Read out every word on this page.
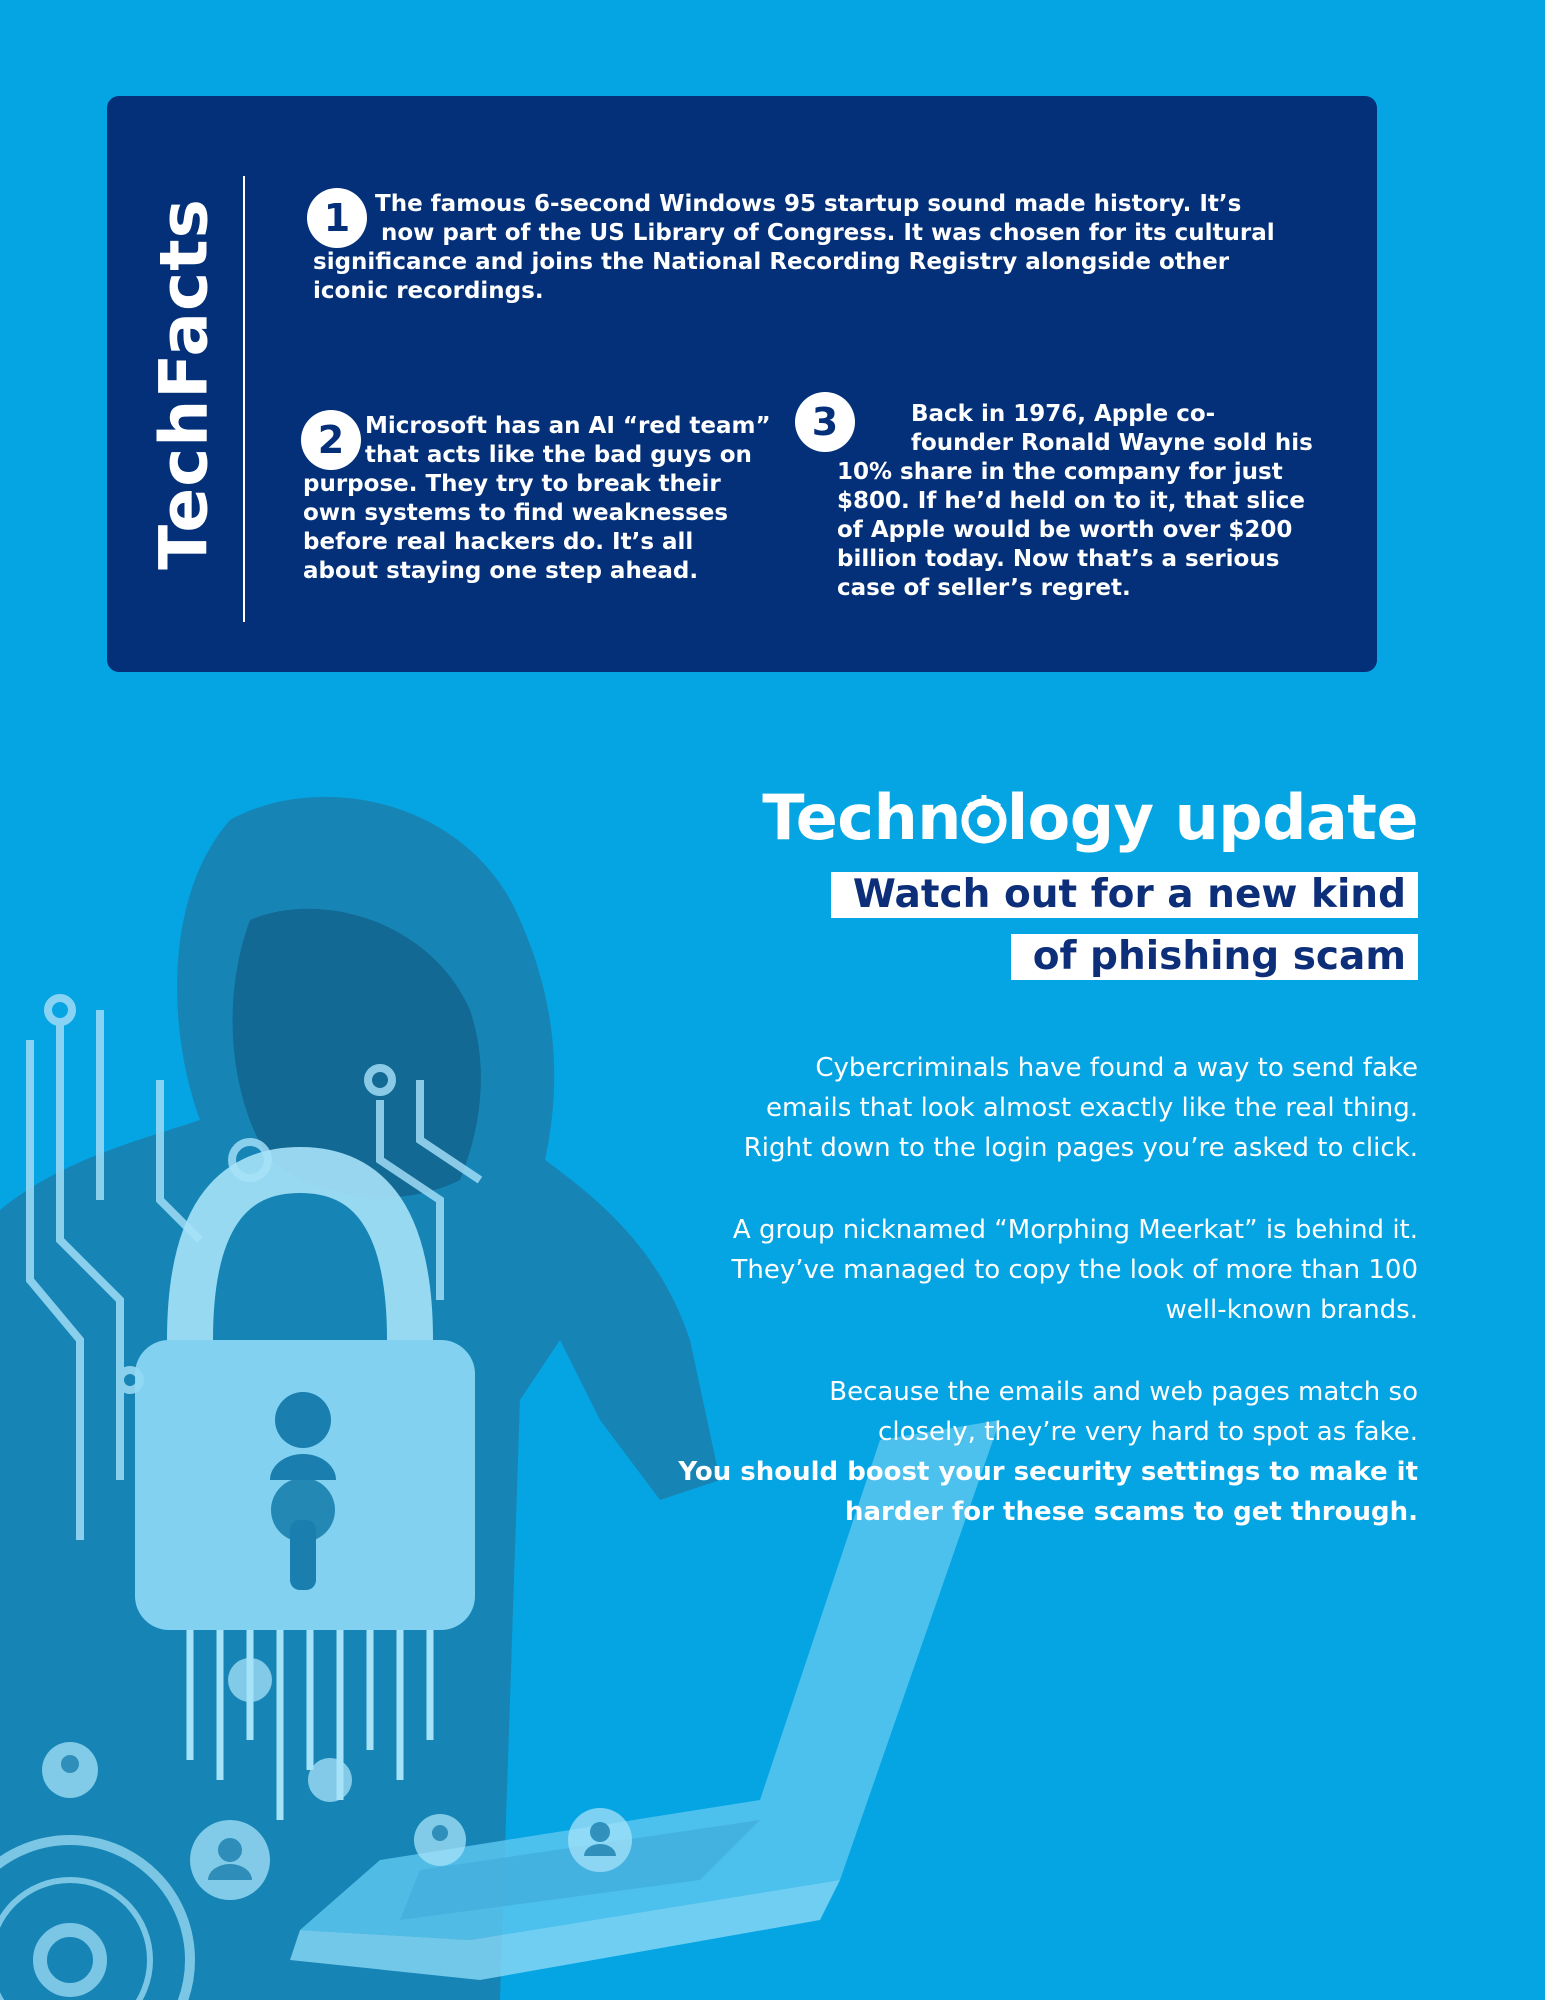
TechFacts	1	The famous 6-second Windows 95 startup sound made history. It’s
now part of the US Library of Congress. It was chosen for its cultural
significance and joins the National Recording Registry alongside other
iconic recordings.

2 Microsoft has an AI “red team”
that acts like the bad guys on
purpose. They try to break their
own systems to find weaknesses
before real hackers do. It’s all
about staying one step ahead.

3	Back in 1976, Apple co-
founder Ronald Wayne sold his
10% share in the company for just
$800. If he’d held on to it, that slice
of Apple would be worth over $200
billion today. Now that’s a serious
case of seller’s regret.

Techn logy update
Watch out for a new kind
of phishing scam

Cybercriminals have found a way to send fake
emails that look almost exactly like the real thing.
Right down to the login pages you’re asked to click.

A group nicknamed “Morphing Meerkat” is behind it.
They’ve managed to copy the look of more than 100
well-known brands.

Because the emails and web pages match so
closely, they’re very hard to spot as fake.
You should boost your security settings to make it
harder for these scams to get through.
